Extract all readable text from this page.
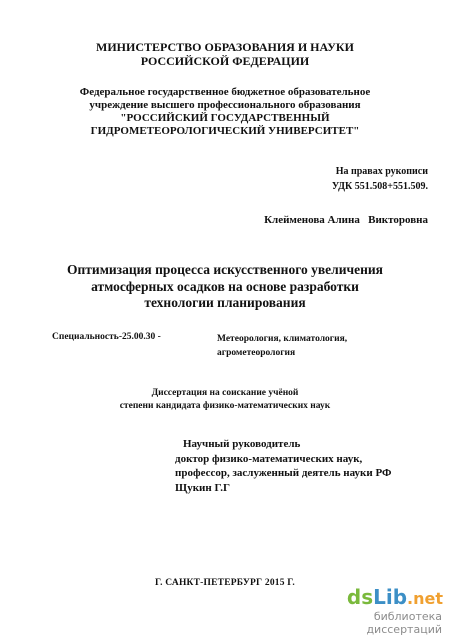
МИНИСТЕРСТВО ОБРАЗОВАНИЯ И НАУКИ
РОССИЙСКОЙ ФЕДЕРАЦИИ
Федеральное государственное бюджетное образовательное
учреждение высшего профессионального образования
"РОССИЙСКИЙ ГОСУДАРСТВЕННЫЙ
ГИДРОМЕТЕОРОЛОГИЧЕСКИЙ УНИВЕРСИТЕТ"
На правах рукописи
УДК 551.508+551.509.
Клейменова Алина   Викторовна
Оптимизация процесса искусственного увеличения
атмосферных осадков на основе разработки
технологии планирования
Специальность-25.00.30 -	Метеорология, климатология,
агрометеорология
Диссертация на соискание учёной
степени кандидата физико-математических наук
Научный руководитель
доктор физико-математических наук,
профессор, заслуженный деятель науки РФ
Щукин Г.Г
Г. САНКТ-ПЕТЕРБУРГ 2015 Г.
dsLib.net
библиотека диссертаций
